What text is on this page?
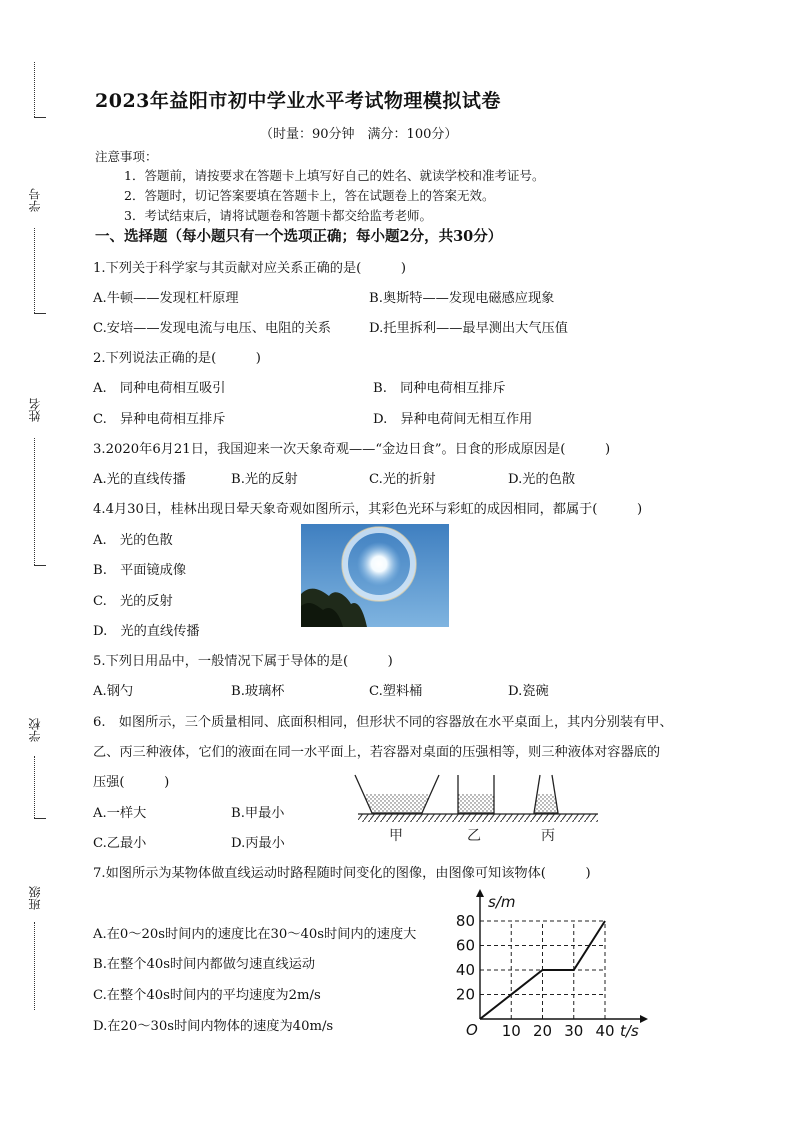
学号
姓名
学校
班级
2023年益阳市初中学业水平考试物理模拟试卷
（时量：90分钟　满分：100分）
注意事项：
1．答题前，请按要求在答题卡上填写好自己的姓名、就读学校和准考证号。
2．答题时，切记答案要填在答题卡上，答在试题卷上的答案无效。
3．考试结束后，请将试题卷和答题卡都交给监考老师。
一、选择题（每小题只有一个选项正确；每小题2分，共30分）
1.下列关于科学家与其贡献对应关系正确的是(　　　)
A.牛顿——发现杠杆原理	B.奥斯特——发现电磁感应现象
C.安培——发现电流与电压、电阻的关系	D.托里拆利——最早测出大气压值
2.下列说法正确的是(　　　)
A.　同种电荷相互吸引	B.　同种电荷相互排斥
C.　异种电荷相互排斥	D.　异种电荷间无相互作用
3.2020年6月21日，我国迎来一次天象奇观——“金边日食”。日食的形成原因是(　　　)
A.光的直线传播	B.光的反射	C.光的折射	D.光的色散
4.4月30日，桂林出现日晕天象奇观如图所示，其彩色光环与彩虹的成因相同，都属于(　　　)
A.　光的色散
B.　平面镜成像
C.　光的反射
D.　光的直线传播
5.下列日用品中，一般情况下属于导体的是(　　　)
A.钢勺	B.玻璃杯	C.塑料桶	D.瓷碗
6.　如图所示，三个质量相同、底面积相同，但形状不同的容器放在水平桌面上，其内分别装有甲、
乙、丙三种液体，它们的液面在同一水平面上，若容器对桌面的压强相等，则三种液体对容器底的
压强(　　　)
A.一样大	B.甲最小
C.乙最小	D.丙最小	甲	乙	丙
7.如图所示为某物体做直线运动时路程随时间变化的图像，由图像可知该物体(　　　)
A.在0～20s时间内的速度比在30～40s时间内的速度大
B.在整个40s时间内都做匀速直线运动
C.在整个40s时间内的平均速度为2m/s
D.在20～30s时间内物体的速度为40m/s
s/m
t/s
O 10 20 30 40
20
40
60
80
